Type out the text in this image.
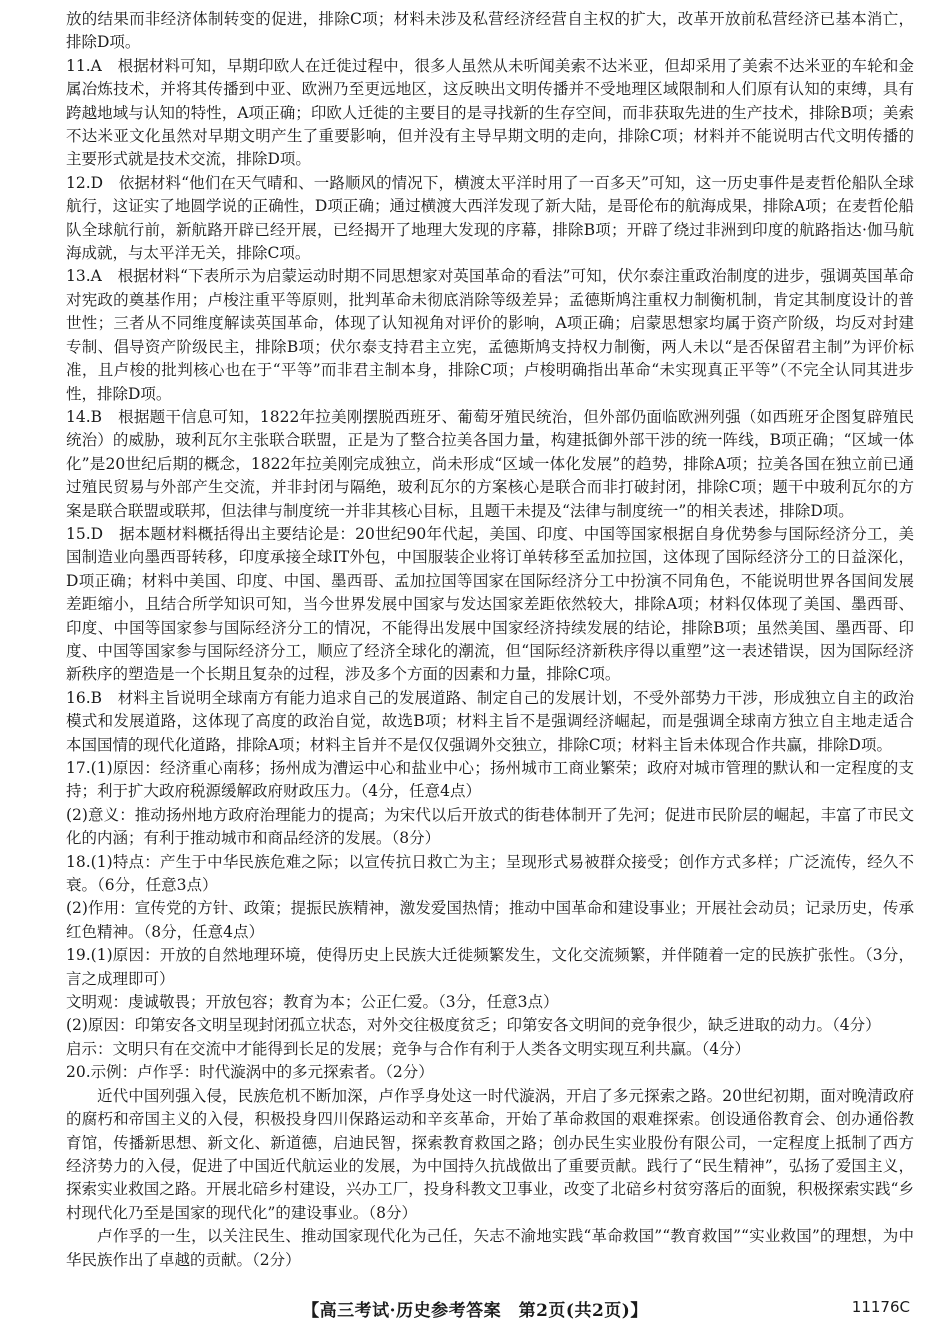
放的结果而非经济体制转变的促进，排除C项；材料未涉及私营经济经营自主权的扩大，改革开放前私营经济已基本消亡，排除D项。

11.A　 根据材料可知，早期印欧人在迁徙过程中，很多人虽然从未听闻美索不达米亚，但却采用了美索不达米亚的车轮和金属冶炼技术，并将其传播到中亚、欧洲乃至更远地区，这反映出文明传播并不受地理区域限制和人们原有认知的束缚，具有跨越地域与认知的特性，A项正确；印欧人迁徙的主要目的是寻找新的生存空间，而非获取先进的生产技术，排除B项；美索不达米亚文化虽然对早期文明产生了重要影响，但并没有主导早期文明的走向，排除C项；材料并不能说明古代文明传播的主要形式就是技术交流，排除D项。

12.D　 依据材料“他们在天气晴和、一路顺风的情况下，横渡太平洋时用了一百多天”可知，这一历史事件是麦哲伦船队全球航行，这证实了地圆学说的正确性，D项正确；通过横渡大西洋发现了新大陆，是哥伦布的航海成果，排除A项；在麦哲伦船队全球航行前，新航路开辟已经开展，已经揭开了地理大发现的序幕，排除B项；开辟了绕过非洲到印度的航路指达·伽马航海成就，与太平洋无关，排除C项。

13.A　 根据材料“下表所示为启蒙运动时期不同思想家对英国革命的看法”可知，伏尔泰注重政治制度的进步，强调英国革命对宪政的奠基作用；卢梭注重平等原则，批判革命未彻底消除等级差异；孟德斯鸠注重权力制衡机制，肯定其制度设计的普世性；三者从不同维度解读英国革命，体现了认知视角对评价的影响，A项正确；启蒙思想家均属于资产阶级，均反对封建专制、倡导资产阶级民主，排除B项；伏尔泰支持君主立宪，孟德斯鸠支持权力制衡，两人未以“是否保留君主制”为评价标准，且卢梭的批判核心也在于“平等”而非君主制本身，排除C项；卢梭明确指出革命“未实现真正平等”（不完全认同其进步性，排除D项。

14.B　 根据题干信息可知，1822年拉美刚摆脱西班牙、葡萄牙殖民统治，但外部仍面临欧洲列强（如西班牙企图复辟殖民统治）的威胁，玻利瓦尔主张联合联盟，正是为了整合拉美各国力量，构建抵御外部干涉的统一阵线，B项正确；“区域一体化”是20世纪后期的概念，1822年拉美刚完成独立，尚未形成“区域一体化发展”的趋势，排除A项；拉美各国在独立前已通过殖民贸易与外部产生交流，并非封闭与隔绝，玻利瓦尔的方案核心是联合而非打破封闭，排除C项；题干中玻利瓦尔的方案是联合联盟或联邦，但法律与制度统一并非其核心目标，且题干未提及“法律与制度统一”的相关表述，排除D项。

15.D　 据本题材料概括得出主要结论是：20世纪90年代起，美国、印度、中国等国家根据自身优势参与国际经济分工，美国制造业向墨西哥转移，印度承接全球IT外包，中国服装企业将订单转移至孟加拉国，这体现了国际经济分工的日益深化，D项正确；材料中美国、印度、中国、墨西哥、孟加拉国等国家在国际经济分工中扮演不同角色，不能说明世界各国间发展差距缩小，且结合所学知识可知，当今世界发展中国家与发达国家差距依然较大，排除A项；材料仅体现了美国、墨西哥、印度、中国等国家参与国际经济分工的情况，不能得出发展中国家经济持续发展的结论，排除B项；虽然美国、墨西哥、印度、中国等国家参与国际经济分工，顺应了经济全球化的潮流，但“国际经济新秩序得以重塑”这一表述错误，因为国际经济新秩序的塑造是一个长期且复杂的过程，涉及多个方面的因素和力量，排除C项。

16.B　 材料主旨说明全球南方有能力追求自己的发展道路、制定自己的发展计划，不受外部势力干涉，形成独立自主的政治模式和发展道路，这体现了高度的政治自觉，故选B项；材料主旨不是强调经济崛起，而是强调全球南方独立自主地走适合本国国情的现代化道路，排除A项；材料主旨并不是仅仅强调外交独立，排除C项；材料主旨未体现合作共赢，排除D项。

17.(1)原因：经济重心南移；扬州成为漕运中心和盐业中心；扬州城市工商业繁荣；政府对城市管理的默认和一定程度的支持；利于扩大政府税源缓解政府财政压力。（4分，任意4点）

(2)意义：推动扬州地方政府治理能力的提高；为宋代以后开放式的街巷体制开了先河；促进市民阶层的崛起，丰富了市民文化的内涵；有利于推动城市和商品经济的发展。（8分）

18.(1)特点：产生于中华民族危难之际；以宣传抗日救亡为主；呈现形式易被群众接受；创作方式多样；广泛流传，经久不衰。（6分，任意3点）

(2)作用：宣传党的方针、政策；提振民族精神，激发爱国热情；推动中国革命和建设事业；开展社会动员；记录历史，传承红色精神。（8分，任意4点）

19.(1)原因：开放的自然地理环境，使得历史上民族大迁徙频繁发生，文化交流频繁，并伴随着一定的民族扩张性。（3分，言之成理即可）

文明观：虔诚敬畏；开放包容；教育为本；公正仁爱。（3分，任意3点）

(2)原因：印第安各文明呈现封闭孤立状态，对外交往极度贫乏；印第安各文明间的竞争很少，缺乏进取的动力。（4分）

启示：文明只有在交流中才能得到长足的发展；竞争与合作有利于人类各文明实现互利共赢。（4分）

20.示例：卢作孚：时代漩涡中的多元探索者。（2分）

近代中国列强入侵，民族危机不断加深，卢作孚身处这一时代漩涡，开启了多元探索之路。20世纪初期，面对晚清政府的腐朽和帝国主义的入侵，积极投身四川保路运动和辛亥革命，开始了革命救国的艰难探索。创设通俗教育会、创办通俗教育馆，传播新思想、新文化、新道德，启迪民智，探索教育救国之路；创办民生实业股份有限公司，一定程度上抵制了西方经济势力的入侵，促进了中国近代航运业的发展，为中国持久抗战做出了重要贡献。践行了“民生精神”，弘扬了爱国主义，探索实业救国之路。开展北碚乡村建设，兴办工厂，投身科教文卫事业，改变了北碚乡村贫穷落后的面貌，积极探索实践“乡村现代化乃至是国家的现代化”的建设事业。（8分）

卢作孚的一生，以关注民生、推动国家现代化为己任，矢志不渝地实践“革命救国”“教育救国”“实业救国”的理想，为中华民族作出了卓越的贡献。（2分）

【高三考试·历史参考答案　第2页(共2页)】	11176C
